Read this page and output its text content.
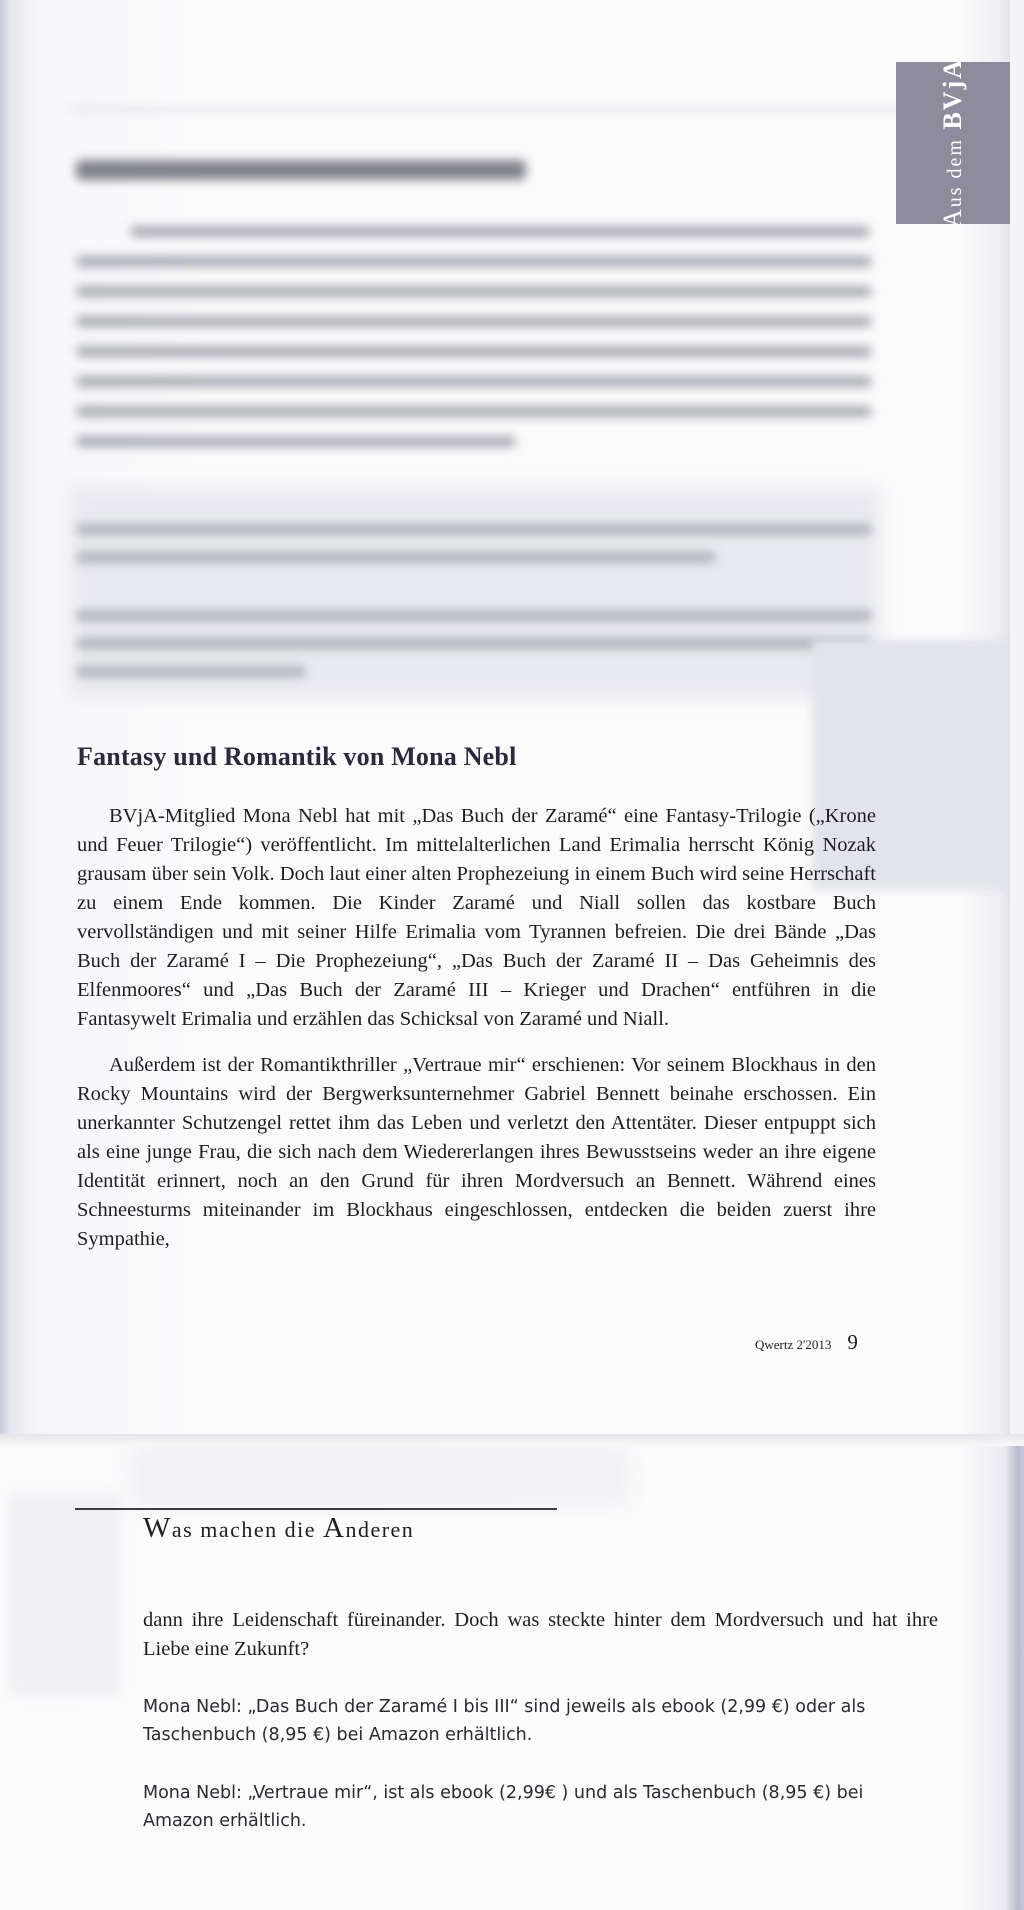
Aus dem BVjA
Fantasy und Romantik von Mona Nebl

BVjA-Mitglied Mona Nebl hat mit „Das Buch der Zaramé“ eine Fantasy-Trilogie („Krone und Feuer Trilogie“) veröffentlicht. Im mittelalterlichen Land Erimalia herrscht König Nozak grausam über sein Volk. Doch laut einer alten Prophezeiung in einem Buch wird seine Herrschaft zu einem Ende kommen. Die Kinder Zaramé und Niall sollen das kostbare Buch vervollständigen und mit seiner Hilfe Erimalia vom Tyrannen befreien. Die drei Bände „Das Buch der Zaramé I – Die Prophezeiung“, „Das Buch der Zaramé II – Das Geheimnis des Elfenmoores“ und „Das Buch der Zaramé III – Krieger und Drachen“ entführen in die Fantasywelt Erimalia und erzählen das Schicksal von Zaramé und Niall.

Außerdem ist der Romantikthriller „Vertraue mir“ erschienen: Vor seinem Blockhaus in den Rocky Mountains wird der Bergwerksunternehmer Gabriel Bennett beinahe erschossen. Ein unerkannter Schutzengel rettet ihm das Leben und verletzt den Attentäter. Dieser entpuppt sich als eine junge Frau, die sich nach dem Wiedererlangen ihres Bewusstseins weder an ihre eigene Identität erinnert, noch an den Grund für ihren Mordversuch an Bennett. Während eines Schneesturms miteinander im Blockhaus eingeschlossen, entdecken die beiden zuerst ihre Sympathie,

Qwertz 2'2013 9
Was machen die Anderen

dann ihre Leidenschaft füreinander. Doch was steckte hinter dem Mordversuch und hat ihre Liebe eine Zukunft?

Mona Nebl: „Das Buch der Zaramé I bis III“ sind jeweils als ebook (2,99 €) oder als Taschenbuch (8,95 €) bei Amazon erhältlich.

Mona Nebl: „Vertraue mir“, ist als ebook (2,99€ ) und als Taschenbuch (8,95 €) bei Amazon erhältlich.
